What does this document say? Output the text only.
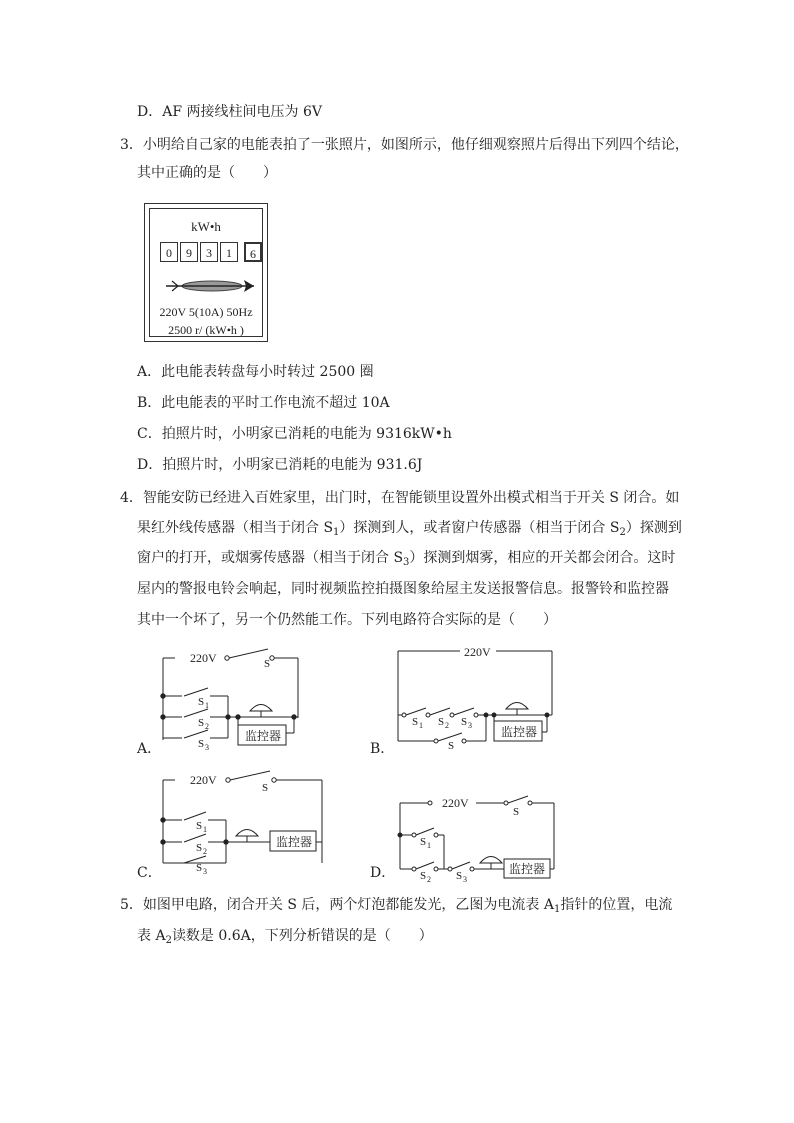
D．AF 两接线柱间电压为 6V
3．小明给自己家的电能表拍了一张照片，如图所示，他仔细观察照片后得出下列四个结论，
其中正确的是（　　）
kW•h
0	9	3	1	6
220V 5(10A) 50Hz
2500 r/ (kW•h )
A．此电能表转盘每小时转过 2500 圈
B．此电能表的平时工作电流不超过 10A
C．拍照片时，小明家已消耗的电能为 9316kW•h
D．拍照片时，小明家已消耗的电能为 931.6J
4．智能安防已经进入百姓家里，出门时，在智能锁里设置外出模式相当于开关 S 闭合。如
果红外线传感器（相当于闭合 $S_1$）探测到人，或者窗户传感器（相当于闭合 $S_2$）探测到
窗户的打开，或烟雾传感器（相当于闭合 $S_3$）探测到烟雾，相应的开关都会闭合。这时
屋内的警报电铃会响起，同时视频监控拍摄图象给屋主发送报警信息。报警铃和监控器
其中一个坏了，另一个仍然能工作。下列电路符合实际的是（　　）
220V	S
S 1
S 2
S 3
监控器
A．
220V
S 1 S 2 S 3
S
监控器
B．
220V
S
S 1
S 2
S 3
监控器
C．
220V
S
S 1
S 2 S 3
监控器
D．
5．如图甲电路，闭合开关 S 后，两个灯泡都能发光，乙图为电流表 $A_1$指针的位置，电流
表 $A_2$读数是 0.6A，下列分析错误的是（　　）
